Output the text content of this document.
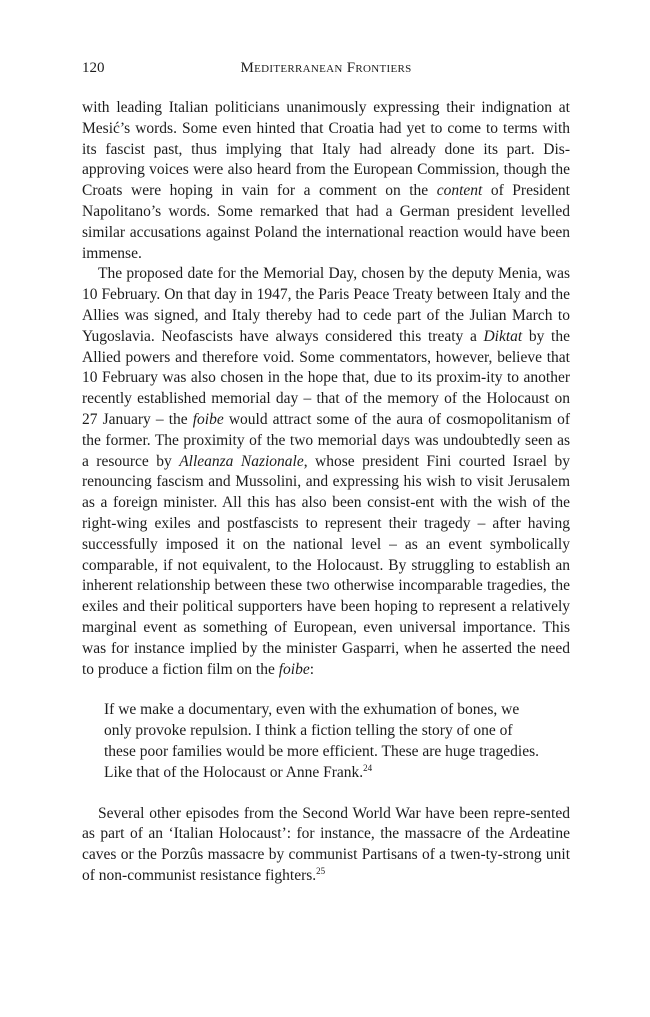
120	Mediterranean Frontiers

with leading Italian politicians unanimously expressing their indignation at Mesić’s words. Some even hinted that Croatia had yet to come to terms with its fascist past, thus implying that Italy had already done its part. Dis-approving voices were also heard from the European Commission, though the Croats were hoping in vain for a comment on the content of President Napolitano’s words. Some remarked that had a German president levelled similar accusations against Poland the international reaction would have been immense.

The proposed date for the Memorial Day, chosen by the deputy Menia, was 10 February. On that day in 1947, the Paris Peace Treaty between Italy and the Allies was signed, and Italy thereby had to cede part of the Julian March to Yugoslavia. Neofascists have always considered this treaty a Diktat by the Allied powers and therefore void. Some commentators, however, believe that 10 February was also chosen in the hope that, due to its proxim-ity to another recently established memorial day – that of the memory of the Holocaust on 27 January – the foibe would attract some of the aura of cosmopolitanism of the former. The proximity of the two memorial days was undoubtedly seen as a resource by Alleanza Nazionale, whose president Fini courted Israel by renouncing fascism and Mussolini, and expressing his wish to visit Jerusalem as a foreign minister. All this has also been consist-ent with the wish of the right-wing exiles and postfascists to represent their tragedy – after having successfully imposed it on the national level – as an event symbolically comparable, if not equivalent, to the Holocaust. By struggling to establish an inherent relationship between these two otherwise incomparable tragedies, the exiles and their political supporters have been hoping to represent a relatively marginal event as something of European, even universal importance. This was for instance implied by the minister Gasparri, when he asserted the need to produce a fiction film on the foibe:

If we make a documentary, even with the exhumation of bones, we only provoke repulsion. I think a fiction telling the story of one of these poor families would be more efficient. These are huge tragedies. Like that of the Holocaust or Anne Frank.$^{24}$

Several other episodes from the Second World War have been repre-sented as part of an ‘Italian Holocaust’: for instance, the massacre of the Ardeatine caves or the Porzûs massacre by communist Partisans of a twen-ty-strong unit of non-communist resistance fighters.$^{25}$
